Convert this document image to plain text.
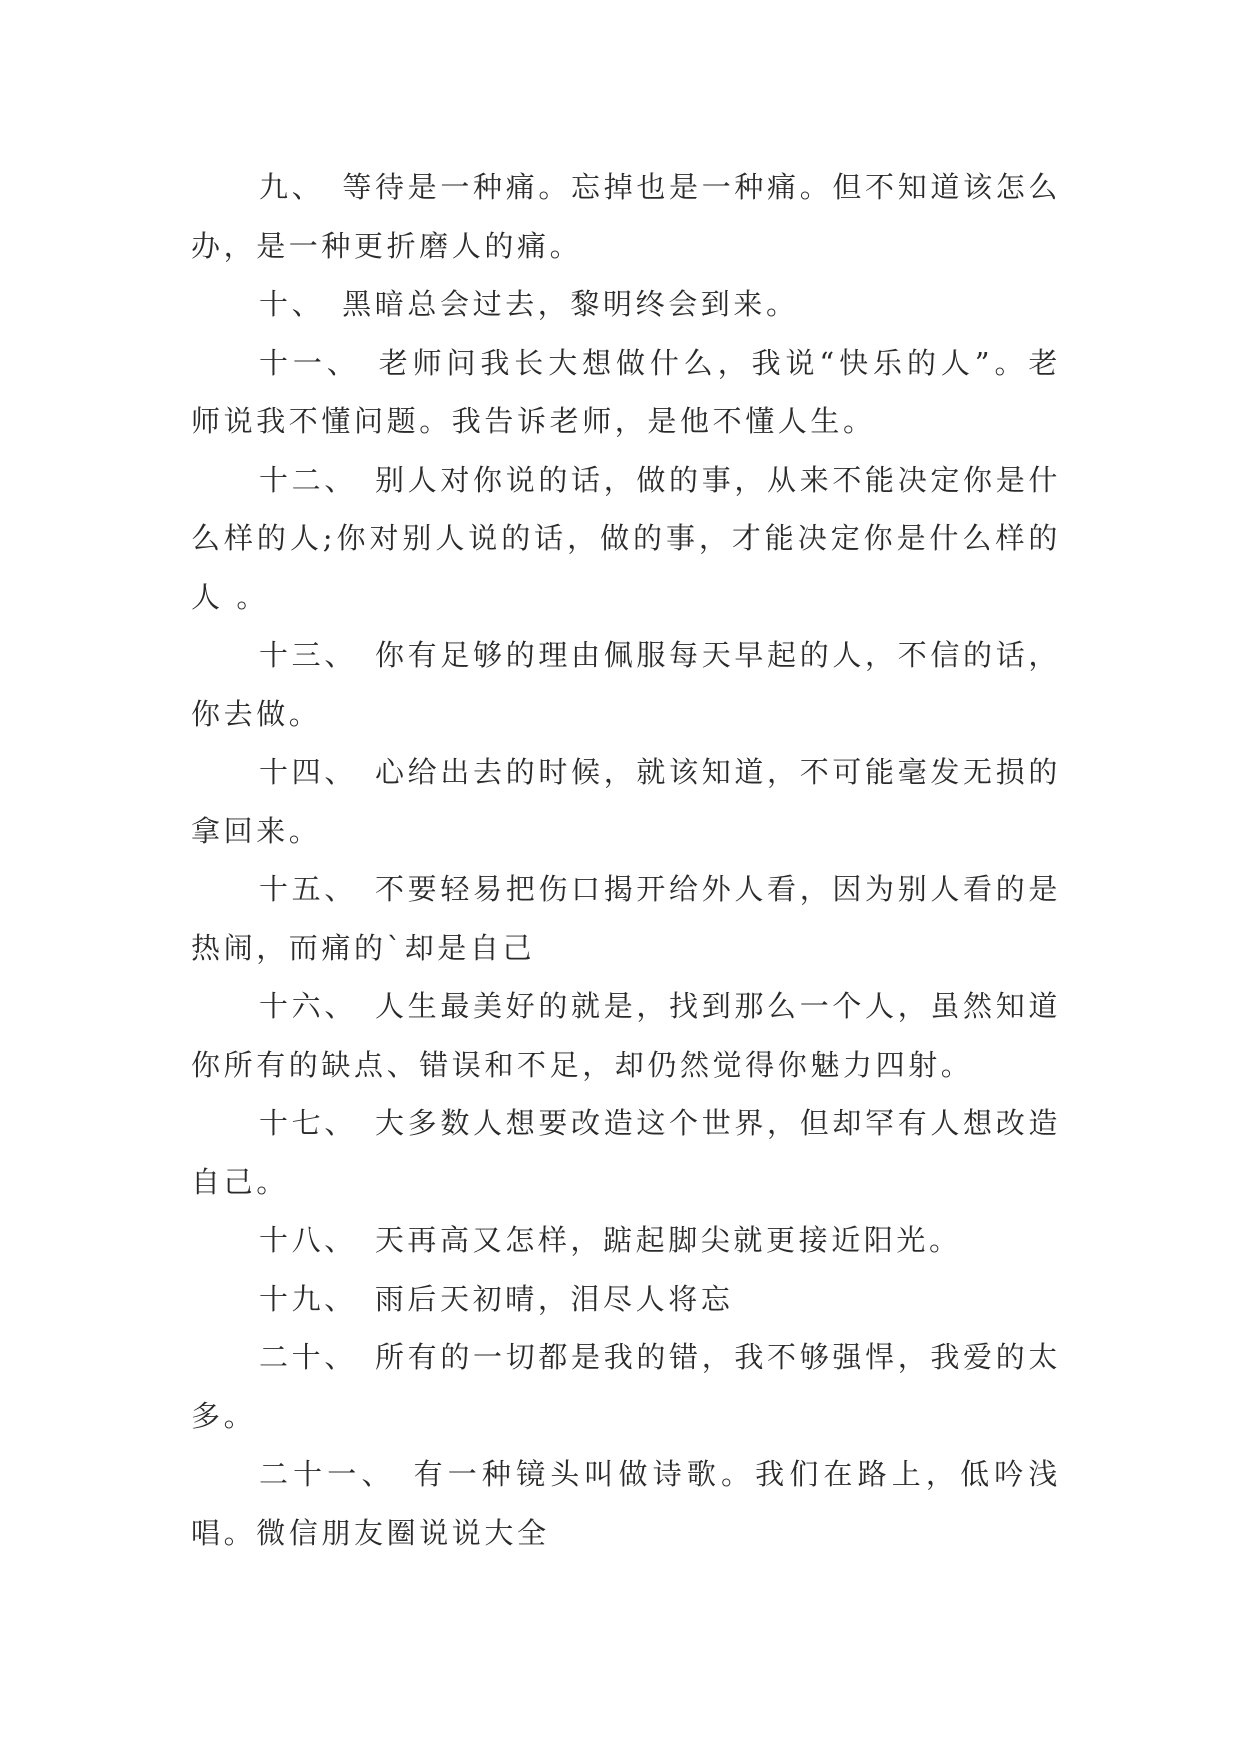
九、 等待是一种痛。忘掉也是一种痛。但不知道该怎么办，是一种更折磨人的痛。

十、 黑暗总会过去，黎明终会到来。

十一、 老师问我长大想做什么，我说“快乐的人”。老师说我不懂问题。我告诉老师，是他不懂人生。

十二、 别人对你说的话，做的事，从来不能决定你是什么样的人;你对别人说的话，做的事，才能决定你是什么样的人 。

十三、 你有足够的理由佩服每天早起的人，不信的话，你去做。

十四、 心给出去的时候，就该知道，不可能毫发无损的拿回来。

十五、 不要轻易把伤口揭开给外人看，因为别人看的是热闹，而痛的`却是自己

十六、 人生最美好的就是，找到那么一个人，虽然知道你所有的缺点、错误和不足，却仍然觉得你魅力四射。

十七、 大多数人想要改造这个世界，但却罕有人想改造自己。

十八、 天再高又怎样，踮起脚尖就更接近阳光。

十九、 雨后天初晴，泪尽人将忘

二十、 所有的一切都是我的错，我不够强悍，我爱的太多。

二十一、 有一种镜头叫做诗歌。我们在路上，低吟浅唱。微信朋友圈说说大全
